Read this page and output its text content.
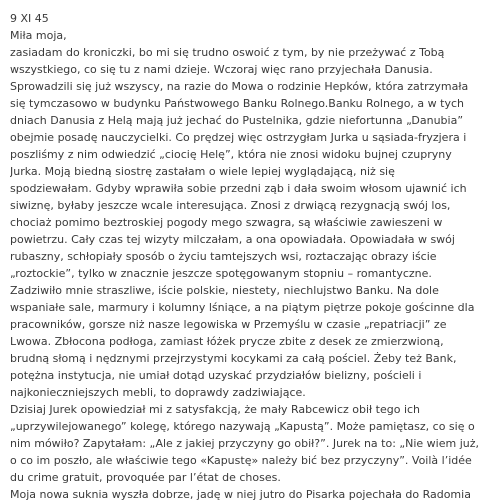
9 XI 45
Miła moja,
zasiadam do kroniczki, bo mi się trudno oswoić z tym, by nie przeżywać z Tobą
wszystkiego, co się tu z nami dzieje. Wczoraj więc rano przyjechała Danusia.
Sprowadzili się już wszyscy, na razie do Mowa o rodzinie Hepków, która zatrzymała
się tymczasowo w budynku Państwowego Banku Rolnego.Banku Rolnego, a w tych
dniach Danusia z Helą mają już jechać do Pustelnika, gdzie niefortunna „Danubia”
obejmie posadę nauczycielki. Co prędzej więc ostrzygłam Jurka u sąsiada-fryzjera i
poszliśmy z nim odwiedzić „ciocię Helę”, która nie znosi widoku bujnej czupryny
Jurka. Moją biedną siostrę zastałam o wiele lepiej wyglądającą, niż się
spodziewałam. Gdyby wprawiła sobie przedni ząb i dała swoim włosom ujawnić ich
siwiznę, byłaby jeszcze wcale interesująca. Znosi z drwiącą rezygnacją swój los,
chociaż pomimo beztroskiej pogody mego szwagra, są właściwie zawieszeni w
powietrzu. Cały czas tej wizyty milczałam, a ona opowiadała. Opowiadała w swój
rubaszny, schłopiały sposób o życiu tamtejszych wsi, roztaczając obrazy iście
„roztockie”, tylko w znacznie jeszcze spotęgowanym stopniu – romantyczne.
Zadziwiło mnie straszliwe, iście polskie, niestety, niechlujstwo Banku. Na dole
wspaniałe sale, marmury i kolumny lśniące, a na piątym piętrze pokoje gościnne dla
pracowników, gorsze niż nasze legowiska w Przemyślu w czasie „repatriacji” ze
Lwowa. Zbłocona podłoga, zamiast łóżek prycze zbite z desek ze zmierzwioną,
brudną słomą i nędznymi przejrzystymi kocykami za całą pościel. Żeby też Bank,
potężna instytucja, nie umiał dotąd uzyskać przydziałów bielizny, pościeli i
najkonieczniejszych mebli, to doprawdy zadziwiające.
Dzisiaj Jurek opowiedział mi z satysfakcją, że mały Rabcewicz obił tego ich
„uprzywilejowanego” kolegę, którego nazywają „Kapustą”. Może pamiętasz, co się o
nim mówiło? Zapytałam: „Ale z jakiej przyczyny go obił?”. Jurek na to: „Nie wiem już,
o co im poszło, ale właściwie tego «Kapustę» należy bić bez przyczyny”. Voilà l’idée
du crime gratuit, provoquée par l’état de choses.
Moja nowa suknia wyszła dobrze, jadę w niej jutro do Pisarka pojechała do Radomia
